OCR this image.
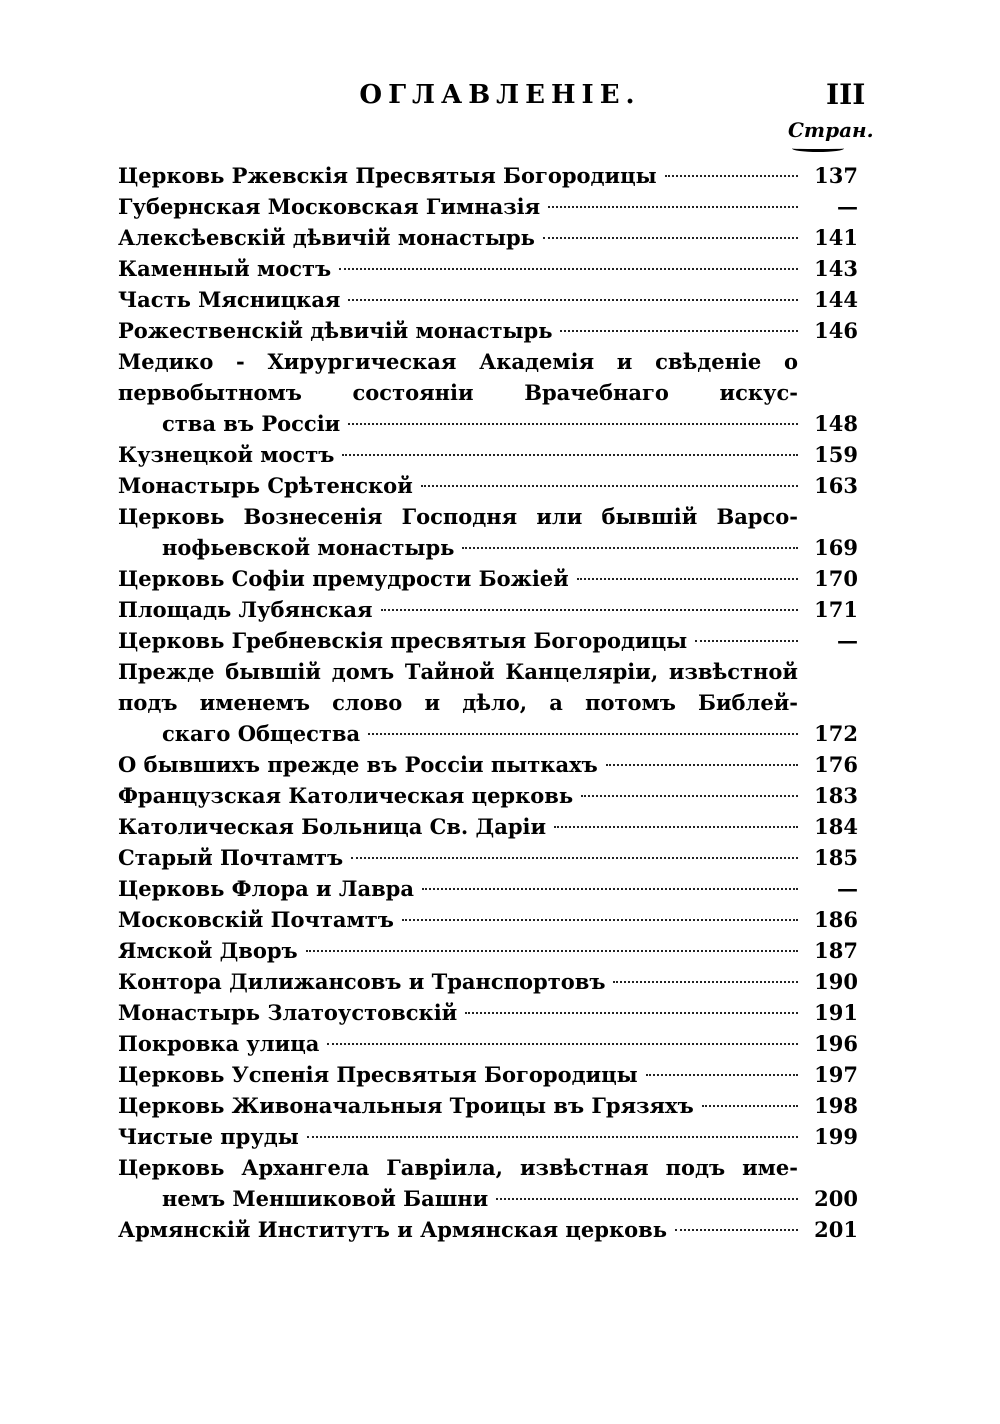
ОГЛАВЛЕНІЕ.	III
Стран.
Церковь Ржевскія Пресвятыя Богородицы	137
Губернская Московская Гимназія	—
Алексѣевскій дѣвичій монастырь	141
Каменный мостъ	143
Часть Мясницкая	144
Рожественскій дѣвичій монастырь	146
Медико - Хирургическая Академія и свѣденіе о
первобытномъ состояніи Врачебнаго искус-
ства въ Россіи	148
Кузнецкой мостъ	159
Монастырь Срѣтенской	163
Церковь Вознесенія Господня или бывшій Варсо-
нофьевской монастырь	169
Церковь Софіи премудрости Божіей	170
Площадь Лубянская	171
Церковь Гребневскія пресвятыя Богородицы	—
Прежде бывшій домъ Тайной Канцеляріи, извѣстной
подъ именемъ слово и дѣло, а потомъ Библей-
скаго Общества	172
О бывшихъ прежде въ Россіи пыткахъ	176
Французская Католическая церковь	183
Католическая Больница Св. Даріи	184
Старый Почтамтъ	185
Церковь Флора и Лавра	—
Московскій Почтамтъ	186
Ямской Дворъ	187
Контора Дилижансовъ и Транспортовъ	190
Монастырь Златоустовскій	191
Покровка улица	196
Церковь Успенія Пресвятыя Богородицы	197
Церковь Живоначальныя Троицы въ Грязяхъ	198
Чистые пруды	199
Церковь Архангела Гавріила, извѣстная подъ име-
немъ Меншиковой Башни	200
Армянскій Институтъ и Армянская церковь	201
